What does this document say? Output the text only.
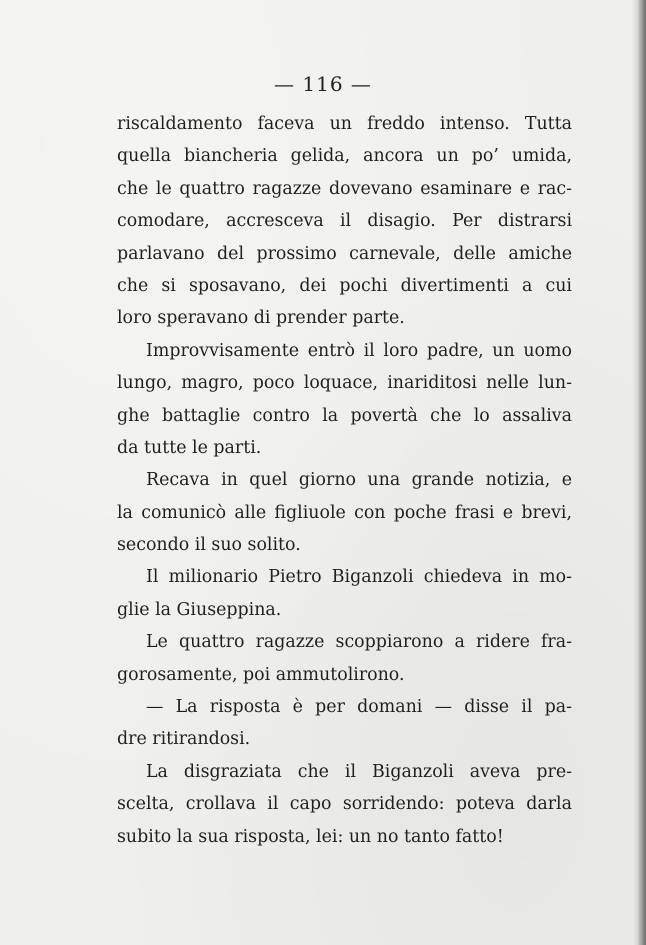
— 116 —
riscaldamento faceva un freddo intenso. Tutta
quella biancheria gelida, ancora un po’ umida,
che le quattro ragazze dovevano esaminare e rac-
comodare, accresceva il disagio. Per distrarsi
parlavano del prossimo carnevale, delle amiche
che si sposavano, dei pochi divertimenti a cui
loro speravano di prender parte.
Improvvisamente entrò il loro padre, un uomo
lungo, magro, poco loquace, inariditosi nelle lun-
ghe battaglie contro la povertà che lo assaliva
da tutte le parti.
Recava in quel giorno una grande notizia, e
la comunicò alle figliuole con poche frasi e brevi,
secondo il suo solito.
Il milionario Pietro Biganzoli chiedeva in mo-
glie la Giuseppina.
Le quattro ragazze scoppiarono a ridere fra-
gorosamente, poi ammutolirono.
— La risposta è per domani — disse il pa-
dre ritirandosi.
La disgraziata che il Biganzoli aveva pre-
scelta, crollava il capo sorridendo: poteva darla
subito la sua risposta, lei: un no tanto fatto!
